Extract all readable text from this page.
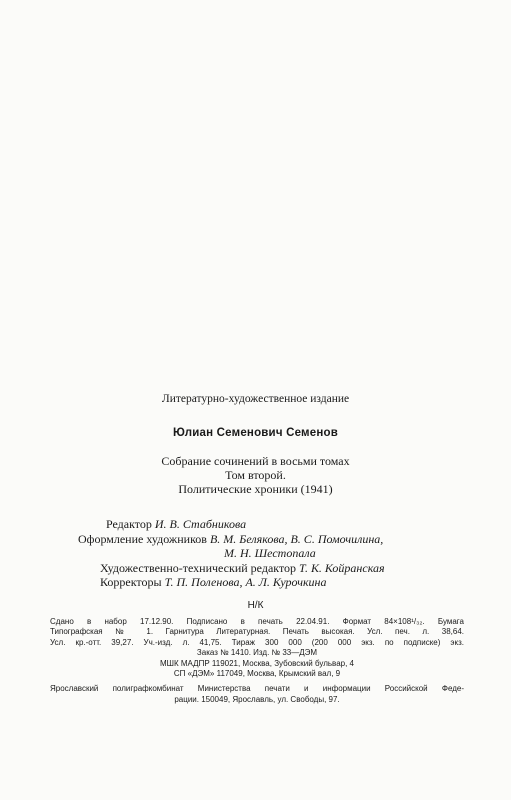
Литературно-художественное издание
Юлиан Семенович Семенов
Собрание сочинений в восьми томах
Том второй.
Политические хроники (1941)
Редактор И. В. Стабникова
Оформление художников В. М. Белякова, В. С. Помочилина,
М. Н. Шестопала
Художественно-технический редактор Т. К. Койранская
Корректоры Т. П. Поленова, А. Л. Курочкина
Н/К
Сдано в набор 17.12.90. Подписано в печать 22.04.91. Формат 84×108¹/₃₂. Бумага
Типографская № 1. Гарнитура Литературная. Печать высокая. Усл. печ. л. 38,64.
Усл. кр.-отт. 39,27. Уч.-изд. л. 41,75. Тираж 300 000 (200 000 экз. по подписке) экз.
Заказ № 1410. Изд. № 33—ДЭМ
МШК МАДПР 119021, Москва, Зубовский бульвар, 4
СП «ДЭМ» 117049, Москва, Крымский вал, 9
Ярославский полиграфкомбинат Министерства печати и информации Российской Феде-
рации. 150049, Ярославль, ул. Свободы, 97.
